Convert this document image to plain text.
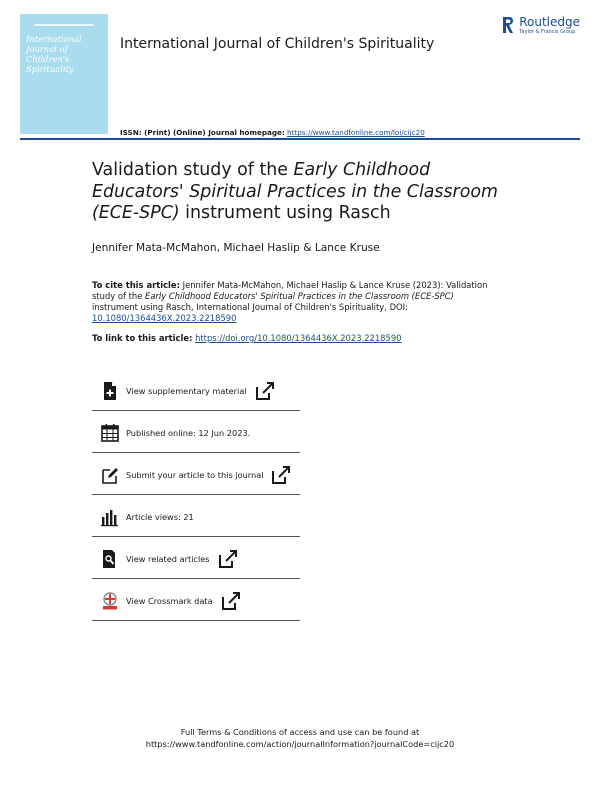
International
Journal of
Children's
Spirituality
International Journal of Children's Spirituality
Routledge
Taylor & Francis Group
ISSN: (Print) (Online) Journal homepage: https://www.tandfonline.com/loi/cijc20
Validation study of the Early Childhood Educators' Spiritual Practices in the Classroom (ECE-SPC) instrument using Rasch
Jennifer Mata-McMahon, Michael Haslip & Lance Kruse
To cite this article: Jennifer Mata-McMahon, Michael Haslip & Lance Kruse (2023): Validation study of the Early Childhood Educators' Spiritual Practices in the Classroom (ECE-SPC) instrument using Rasch, International Journal of Children's Spirituality, DOI: 10.1080/1364436X.2023.2218590
To link to this article: https://doi.org/10.1080/1364436X.2023.2218590
View supplementary material
Published online: 12 Jun 2023.
Submit your article to this journal
Article views: 21
View related articles
View Crossmark data
Full Terms & Conditions of access and use can be found at
https://www.tandfonline.com/action/journalInformation?journalCode=cijc20
